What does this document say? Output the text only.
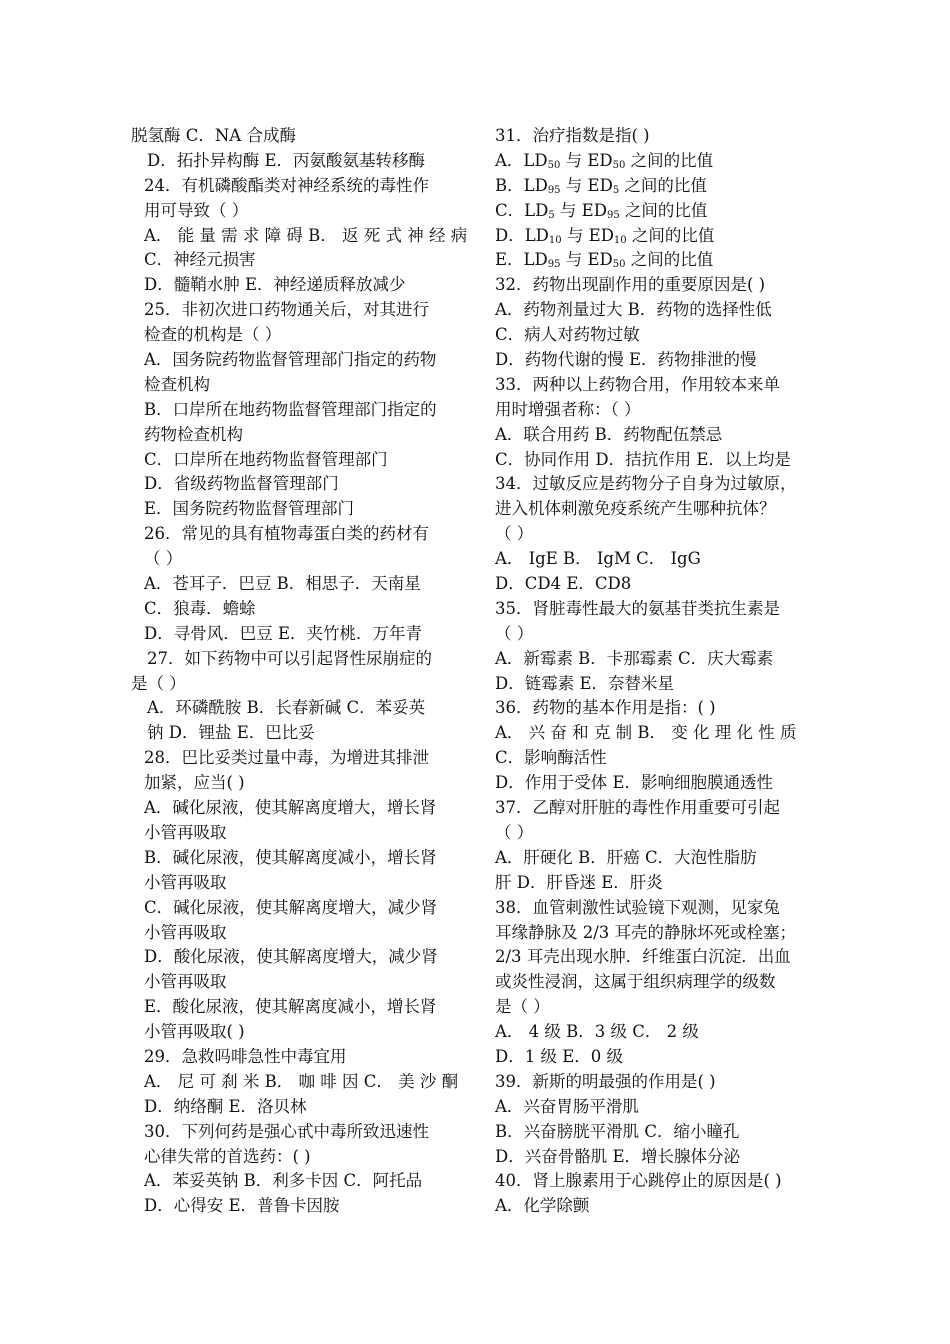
脱氢酶 C．NA 合成酶
D．拓扑异构酶 E．丙氨酸氨基转移酶
24．有机磷酸酯类对神经系统的毒性作
用可导致（ ）
A． 能 量 需 求 障 碍 B． 返 死 式 神 经 病
C．神经元损害
D．髓鞘水肿 E．神经递质释放减少
25．非初次进口药物通关后，对其进行
检查的机构是（ ）
A．国务院药物监督管理部门指定的药物
检查机构
B．口岸所在地药物监督管理部门指定的
药物检查机构
C．口岸所在地药物监督管理部门
D．省级药物监督管理部门
E．国务院药物监督管理部门
26．常见的具有植物毒蛋白类的药材有
（ ）
A．苍耳子．巴豆 B．相思子．天南星
C．狼毒．蟾蜍
D．寻骨风．巴豆 E．夹竹桃．万年青
27．如下药物中可以引起肾性尿崩症的
是（ ）
A．环磷酰胺 B．长春新碱 C．苯妥英
钠 D．锂盐 E．巴比妥
28．巴比妥类过量中毒，为增进其排泄
加紧，应当( )
A．碱化尿液，使其解离度增大，增长肾
小管再吸取
B．碱化尿液，使其解离度减小，增长肾
小管再吸取
C．碱化尿液，使其解离度增大，减少肾
小管再吸取
D．酸化尿液，使其解离度增大，减少肾
小管再吸取
E．酸化尿液，使其解离度减小，增长肾
小管再吸取( )
29．急救吗啡急性中毒宜用
A． 尼 可 刹 米 B． 咖 啡 因 C． 美 沙 酮
D．纳络酮 E．洛贝林
30．下列何药是强心甙中毒所致迅速性
心律失常的首选药：( )
A．苯妥英钠 B．利多卡因 C．阿托品
D．心得安 E．普鲁卡因胺
31．治疗指数是指( )
A．$LD_{50}$ 与 $ED_{50}$ 之间的比值
B．$LD_{95}$ 与 $ED_5$ 之间的比值
C．$LD_5$ 与 $ED_{95}$ 之间的比值
D．$LD_{10}$ 与 $ED_{10}$ 之间的比值
E．$LD_{95}$ 与 $ED_{50}$ 之间的比值
32．药物出现副作用的重要原因是( )
A．药物剂量过大 B．药物的选择性低
C．病人对药物过敏
D．药物代谢的慢 E．药物排泄的慢
33．两种以上药物合用，作用较本来单
用时增强者称：（ ）
A．联合用药 B．药物配伍禁忌
C．协同作用 D．拮抗作用 E．以上均是
34．过敏反应是药物分子自身为过敏原，
进入机体刺激免疫系统产生哪种抗体？
（ ）
A． IgE B． IgM C． IgG
D．CD4 E．CD8
35．肾脏毒性最大的氨基苷类抗生素是
（ ）
A．新霉素 B．卡那霉素 C．庆大霉素
D．链霉素 E．奈替米星
36．药物的基本作用是指：( )
A． 兴 奋 和 克 制 B． 变 化 理 化 性 质
C．影响酶活性
D．作用于受体 E．影响细胞膜通透性
37．乙醇对肝脏的毒性作用重要可引起
（ ）
A．肝硬化 B．肝癌 C．大泡性脂肪
肝 D．肝昏迷 E．肝炎
38．血管刺激性试验镜下观测，见家兔
耳缘静脉及 2/3 耳壳的静脉坏死或栓塞；
2/3 耳壳出现水肿．纤维蛋白沉淀．出血
或炎性浸润，这属于组织病理学的级数
是（ ）
A． 4 级 B．3 级 C． 2 级
D．1 级 E．0 级
39．新斯的明最强的作用是( )
A．兴奋胃肠平滑肌
B．兴奋膀胱平滑肌 C．缩小瞳孔
D．兴奋骨骼肌 E．增长腺体分泌
40．肾上腺素用于心跳停止的原因是( )
A．化学除颤
